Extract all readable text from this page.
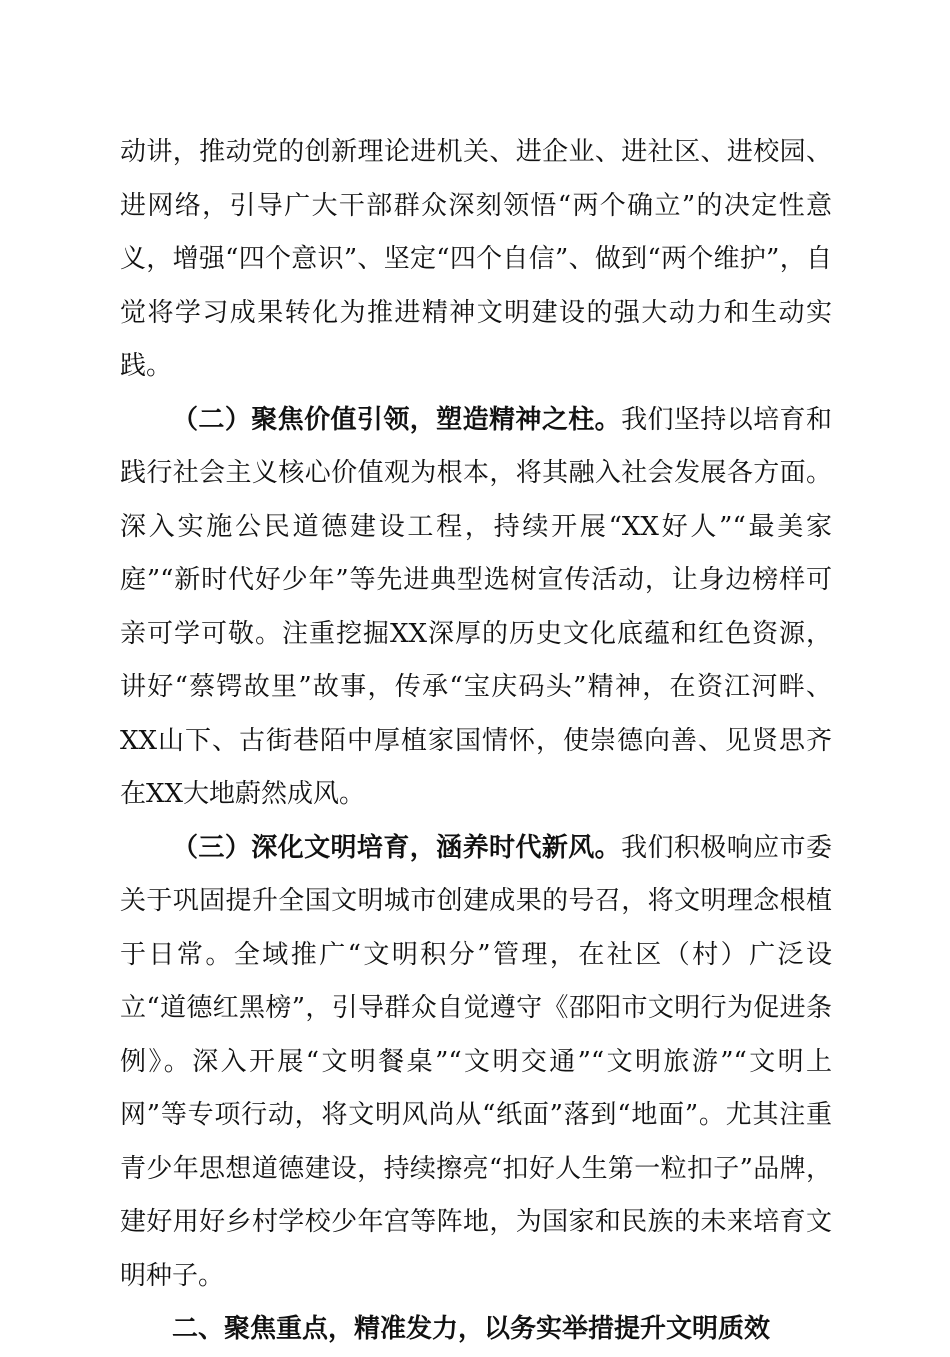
动讲，推动党的创新理论进机关、进企业、进社区、进校园、进网络，引导广大干部群众深刻领悟“两个确立”的决定性意义，增强“四个意识”、坚定“四个自信”、做到“两个维护”，自觉将学习成果转化为推进精神文明建设的强大动力和生动实践。

（二）聚焦价值引领，塑造精神之柱。我们坚持以培育和践行社会主义核心价值观为根本，将其融入社会发展各方面。深入实施公民道德建设工程，持续开展“XX好人”“最美家庭”“新时代好少年”等先进典型选树宣传活动，让身边榜样可亲可学可敬。注重挖掘XX深厚的历史文化底蕴和红色资源，讲好“蔡锷故里”故事，传承“宝庆码头”精神，在资江河畔、XX山下、古街巷陌中厚植家国情怀，使崇德向善、见贤思齐在XX大地蔚然成风。

（三）深化文明培育，涵养时代新风。我们积极响应市委关于巩固提升全国文明城市创建成果的号召，将文明理念根植于日常。全域推广“文明积分”管理，在社区（村）广泛设立“道德红黑榜”，引导群众自觉遵守《邵阳市文明行为促进条例》。深入开展“文明餐桌”“文明交通”“文明旅游”“文明上网”等专项行动，将文明风尚从“纸面”落到“地面”。尤其注重青少年思想道德建设，持续擦亮“扣好人生第一粒扣子”品牌，建好用好乡村学校少年宫等阵地，为国家和民族的未来培育文明种子。

二、聚焦重点，精准发力，以务实举措提升文明质效
